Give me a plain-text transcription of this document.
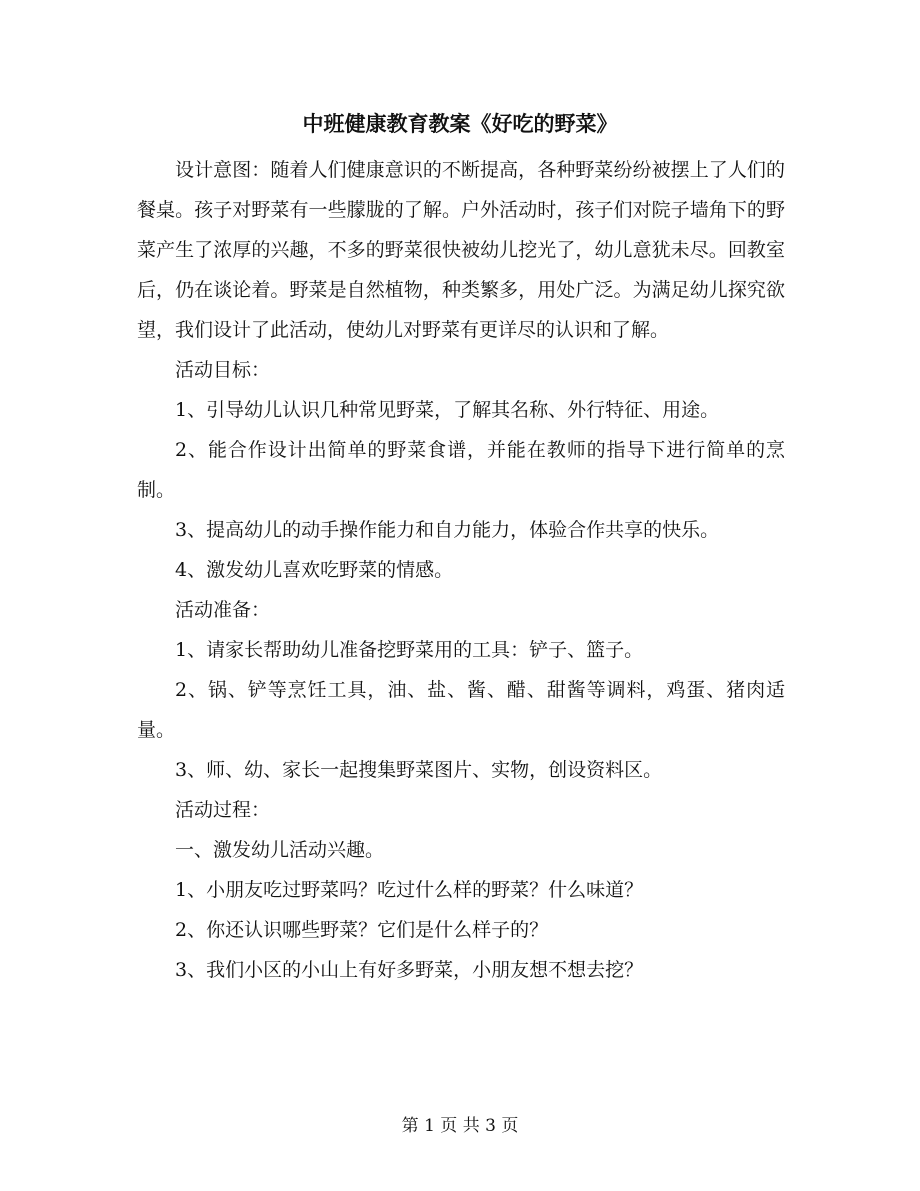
中班健康教育教案《好吃的野菜》

设计意图：随着人们健康意识的不断提高，各种野菜纷纷被摆上了人们的餐桌。孩子对野菜有一些朦胧的了解。户外活动时，孩子们对院子墙角下的野菜产生了浓厚的兴趣，不多的野菜很快被幼儿挖光了，幼儿意犹未尽。回教室后，仍在谈论着。野菜是自然植物，种类繁多，用处广泛。为满足幼儿探究欲望，我们设计了此活动，使幼儿对野菜有更详尽的认识和了解。

活动目标：

1、引导幼儿认识几种常见野菜，了解其名称、外行特征、用途。

2、能合作设计出简单的野菜食谱，并能在教师的指导下进行简单的烹制。

3、提高幼儿的动手操作能力和自力能力，体验合作共享的快乐。

4、激发幼儿喜欢吃野菜的情感。

活动准备：

1、请家长帮助幼儿准备挖野菜用的工具：铲子、篮子。

2、锅、铲等烹饪工具，油、盐、酱、醋、甜酱等调料，鸡蛋、猪肉适量。

3、师、幼、家长一起搜集野菜图片、实物，创设资料区。

活动过程：

一、激发幼儿活动兴趣。

1、小朋友吃过野菜吗？吃过什么样的野菜？什么味道？

2、你还认识哪些野菜？它们是什么样子的？

3、我们小区的小山上有好多野菜，小朋友想不想去挖？

第 1 页 共 3 页
